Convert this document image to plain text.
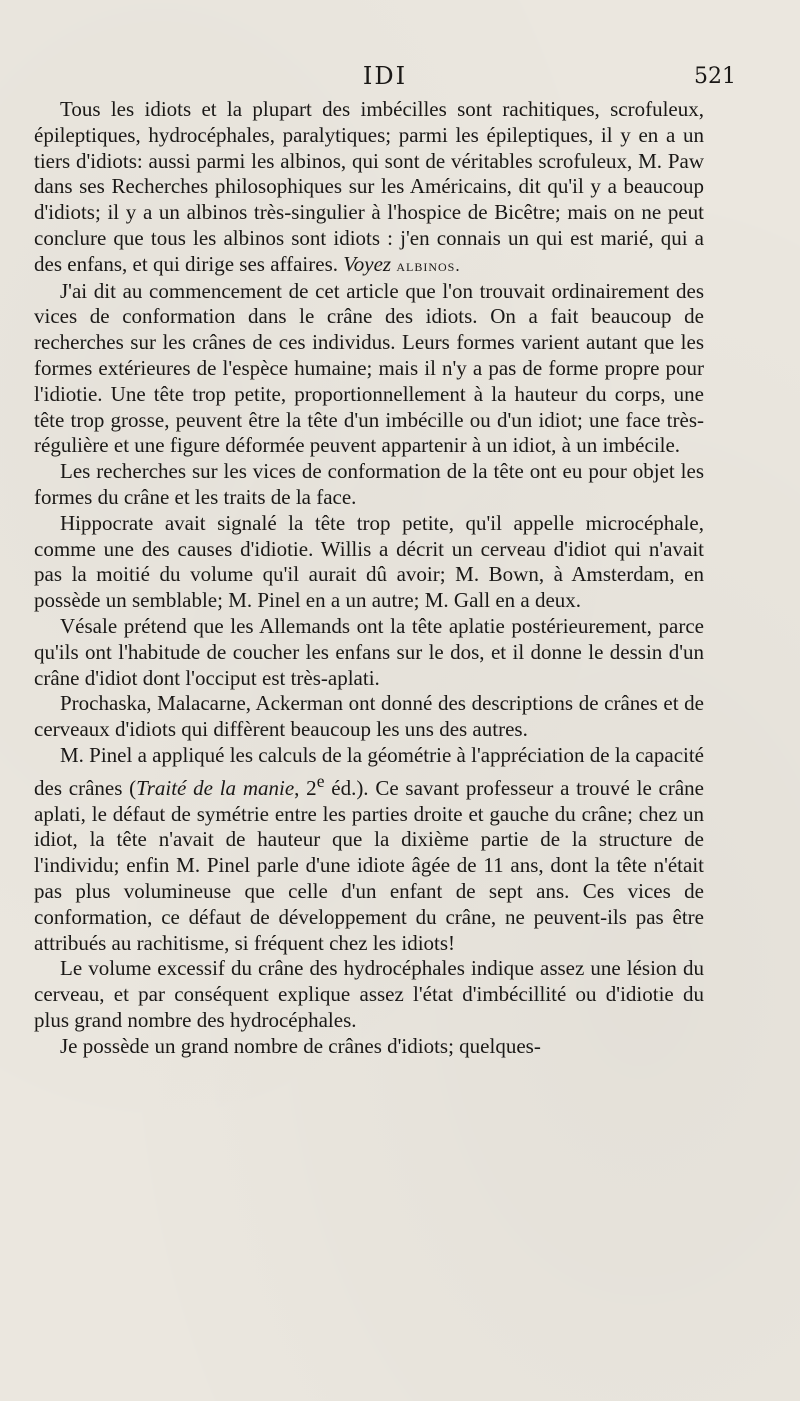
IDI	521

Tous les idiots et la plupart des imbécilles sont rachitiques, scrofuleux, épileptiques, hydrocéphales, paralytiques; parmi les épileptiques, il y en a un tiers d'idiots: aussi parmi les albinos, qui sont de véritables scrofuleux, M. Paw dans ses Recherches philosophiques sur les Américains, dit qu'il y a beaucoup d'idiots; il y a un albinos très-singulier à l'hospice de Bicêtre; mais on ne peut conclure que tous les albinos sont idiots : j'en connais un qui est marié, qui a des enfans, et qui dirige ses affaires. Voyez albinos.

J'ai dit au commencement de cet article que l'on trouvait ordinairement des vices de conformation dans le crâne des idiots. On a fait beaucoup de recherches sur les crânes de ces individus. Leurs formes varient autant que les formes extérieures de l'espèce humaine; mais il n'y a pas de forme propre pour l'idiotie. Une tête trop petite, proportionnellement à la hauteur du corps, une tête trop grosse, peuvent être la tête d'un imbécille ou d'un idiot; une face très-régulière et une figure déformée peuvent appartenir à un idiot, à un imbécile.

Les recherches sur les vices de conformation de la tête ont eu pour objet les formes du crâne et les traits de la face.

Hippocrate avait signalé la tête trop petite, qu'il appelle microcéphale, comme une des causes d'idiotie. Willis a décrit un cerveau d'idiot qui n'avait pas la moitié du volume qu'il aurait dû avoir; M. Bown, à Amsterdam, en possède un semblable; M. Pinel en a un autre; M. Gall en a deux.

Vésale prétend que les Allemands ont la tête aplatie postérieurement, parce qu'ils ont l'habitude de coucher les enfans sur le dos, et il donne le dessin d'un crâne d'idiot dont l'occiput est très-aplati.

Prochaska, Malacarne, Ackerman ont donné des descriptions de crânes et de cerveaux d'idiots qui diffèrent beaucoup les uns des autres.

M. Pinel a appliqué les calculs de la géométrie à l'appréciation de la capacité des crânes (Traité de la manie, 2e éd.). Ce savant professeur a trouvé le crâne aplati, le défaut de symétrie entre les parties droite et gauche du crâne; chez un idiot, la tête n'avait de hauteur que la dixième partie de la structure de l'individu; enfin M. Pinel parle d'une idiote âgée de 11 ans, dont la tête n'était pas plus volumineuse que celle d'un enfant de sept ans. Ces vices de conformation, ce défaut de développement du crâne, ne peuvent-ils pas être attribués au rachitisme, si fréquent chez les idiots!

Le volume excessif du crâne des hydrocéphales indique assez une lésion du cerveau, et par conséquent explique assez l'état d'imbécillité ou d'idiotie du plus grand nombre des hydrocéphales.

Je possède un grand nombre de crânes d'idiots; quelques-
